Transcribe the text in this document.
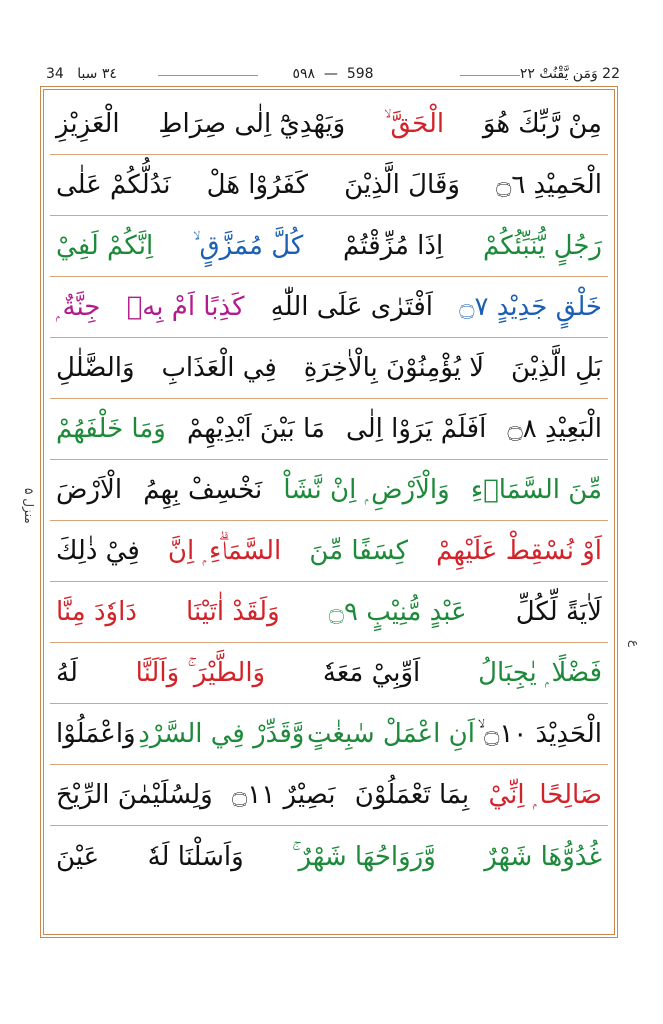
22 وَمَن يَّقْنُتْ ٢٢
٥٩٨  —  598
٣٤ سبا   34
منزل ۵
ع
مِنْ رَّبِّكَ هُوَ
الْحَقَّ ۙ
وَيَهْدِيْٓ اِلٰى صِرَاطِ
الْعَزِيْزِ
الْحَمِيْدِ ۝٦
وَقَالَ الَّذِيْنَ
كَفَرُوْا هَلْ
نَدُلُّكُمْ عَلٰى
رَجُلٍ يُّنَبِّئُكُمْ
اِذَا مُزِّقْتُمْ
كُلَّ مُمَزَّقٍ ۙ
اِنَّكُمْ لَفِيْ
خَلْقٍ جَدِيْدٍ ۝٧
اَفْتَرٰى عَلَى اللّٰهِ
كَذِبًا اَمْ بِهٖ
جِنَّةٌ ۭ
بَلِ الَّذِيْنَ
لَا يُؤْمِنُوْنَ بِالْاٰخِرَةِ
فِي الْعَذَابِ
وَالضَّلٰلِ
الْبَعِيْدِ ۝٨
اَفَلَمْ يَرَوْا اِلٰى
مَا بَيْنَ اَيْدِيْهِمْ
وَمَا خَلْفَهُمْ
مِّنَ السَّمَاۗءِ
وَالْاَرْضِ ۭ اِنْ نَّشَاْ
نَخْسِفْ بِهِمُ
الْاَرْضَ
اَوْ نُسْقِطْ عَلَيْهِمْ
كِسَفًا مِّنَ
السَّمَاۗءِ ۭ اِنَّ
فِيْ ذٰلِكَ
لَاٰيَةً لِّكُلِّ
عَبْدٍ مُّنِيْبٍ ۝٩
وَلَقَدْ اٰتَيْنَا
دَاوٗدَ مِنَّا
فَضْلًا ۭ يٰجِبَالُ
اَوِّبِيْ مَعَهٗ
وَالطَّيْرَ ۚ وَاَلَنَّا
لَهُ
الْحَدِيْدَ ۝١٠ ۙ
اَنِ اعْمَلْ سٰبِغٰتٍ
وَّقَدِّرْ فِي السَّرْدِ
وَاعْمَلُوْا
صَالِحًا ۭ اِنِّيْ
بِمَا تَعْمَلُوْنَ
بَصِيْرٌ ۝١١
وَلِسُلَيْمٰنَ الرِّيْحَ
غُدُوُّهَا شَهْرٌ
وَّرَوَاحُهَا شَهْرٌ ۚ
وَاَسَلْنَا لَهٗ
عَيْنَ
